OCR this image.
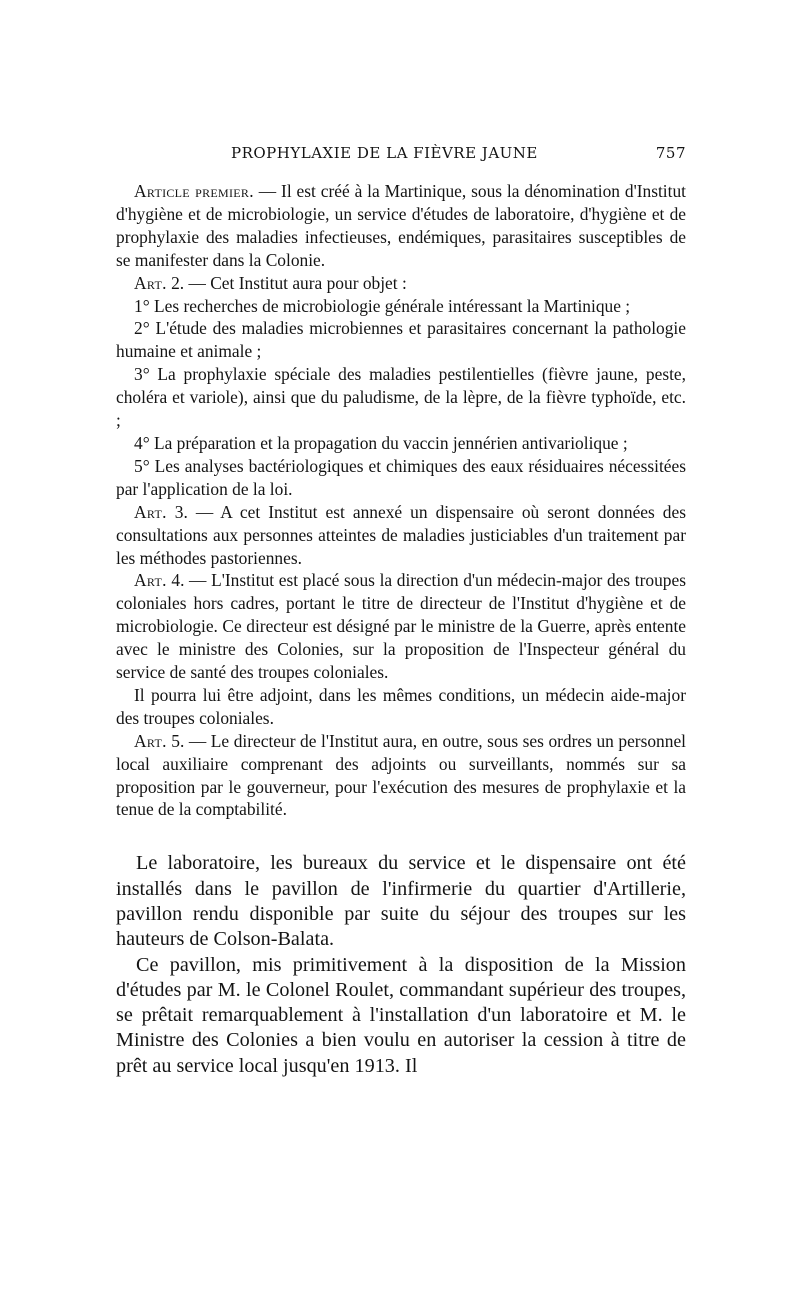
PROPHYLAXIE DE LA FIÈVRE JAUNE	757

Article premier. — Il est créé à la Martinique, sous la dénomination d'Institut d'hygiène et de microbiologie, un service d'études de laboratoire, d'hygiène et de prophylaxie des maladies infectieuses, endémiques, parasitaires susceptibles de se manifester dans la Colonie.

Art. 2. — Cet Institut aura pour objet :

1° Les recherches de microbiologie générale intéressant la Martinique ;

2° L'étude des maladies microbiennes et parasitaires concernant la pathologie humaine et animale ;

3° La prophylaxie spéciale des maladies pestilentielles (fièvre jaune, peste, choléra et variole), ainsi que du paludisme, de la lèpre, de la fièvre typhoïde, etc. ;

4° La préparation et la propagation du vaccin jennérien antivariolique ;

5° Les analyses bactériologiques et chimiques des eaux résiduaires nécessitées par l'application de la loi.

Art. 3. — A cet Institut est annexé un dispensaire où seront données des consultations aux personnes atteintes de maladies justiciables d'un traitement par les méthodes pastoriennes.

Art. 4. — L'Institut est placé sous la direction d'un médecin-major des troupes coloniales hors cadres, portant le titre de directeur de l'Institut d'hygiène et de microbiologie. Ce directeur est désigné par le ministre de la Guerre, après entente avec le ministre des Colonies, sur la proposition de l'Inspecteur général du service de santé des troupes coloniales.

Il pourra lui être adjoint, dans les mêmes conditions, un médecin aide-major des troupes coloniales.

Art. 5. — Le directeur de l'Institut aura, en outre, sous ses ordres un personnel local auxiliaire comprenant des adjoints ou surveillants, nommés sur sa proposition par le gouverneur, pour l'exécution des mesures de prophylaxie et la tenue de la comptabilité.

Le laboratoire, les bureaux du service et le dispensaire ont été installés dans le pavillon de l'infirmerie du quartier d'Artillerie, pavillon rendu disponible par suite du séjour des troupes sur les hauteurs de Colson-Balata.

Ce pavillon, mis primitivement à la disposition de la Mission d'études par M. le Colonel Roulet, commandant supérieur des troupes, se prêtait remarquablement à l'installation d'un laboratoire et M. le Ministre des Colonies a bien voulu en autoriser la cession à titre de prêt au service local jusqu'en 1913. Il
